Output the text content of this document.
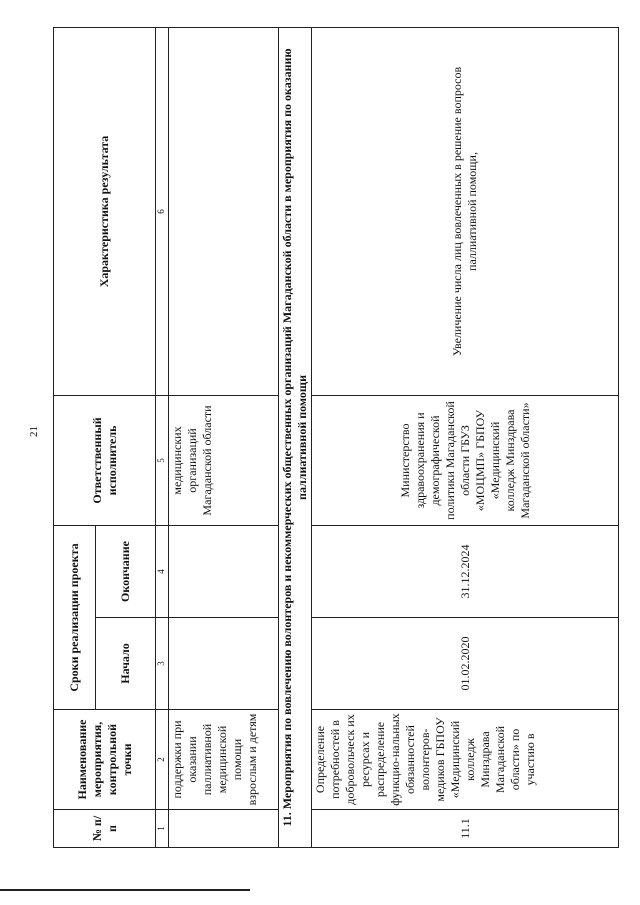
21
№ п/п	Наименование мероприятия, контрольной точки	Сроки реализации проекта		Ответственный исполнитель	Характеристика результата
		Начало	Окончание		
1	2	3	4	5	6
	поддержки при оказании паллиативной медицинской помощи взрослым и детям			медицинских организаций Магаданской области	
11. Мероприятия по вовлечению волонтеров и некоммерческих общественных организаций Магаданской области в мероприятия по оказанию паллиативной помощи					
11.1	Определение потребностей в добровольческ их ресурсах и распределение функцио-нальных обязанностей волонтеров-медиков ГБПОУ «Медицинский колледж Минздрава Магаданской области» по участию в	01.02.2020	31.12.2024	Министерство здравоохранения и демографической политики Магаданской области ГБУЗ «МОЦМП» ГБПОУ «Медицинский колледж Минздрава Магаданской области»	Увеличение числа лиц вовлеченных в решение вопросов паллиативной помощи,
